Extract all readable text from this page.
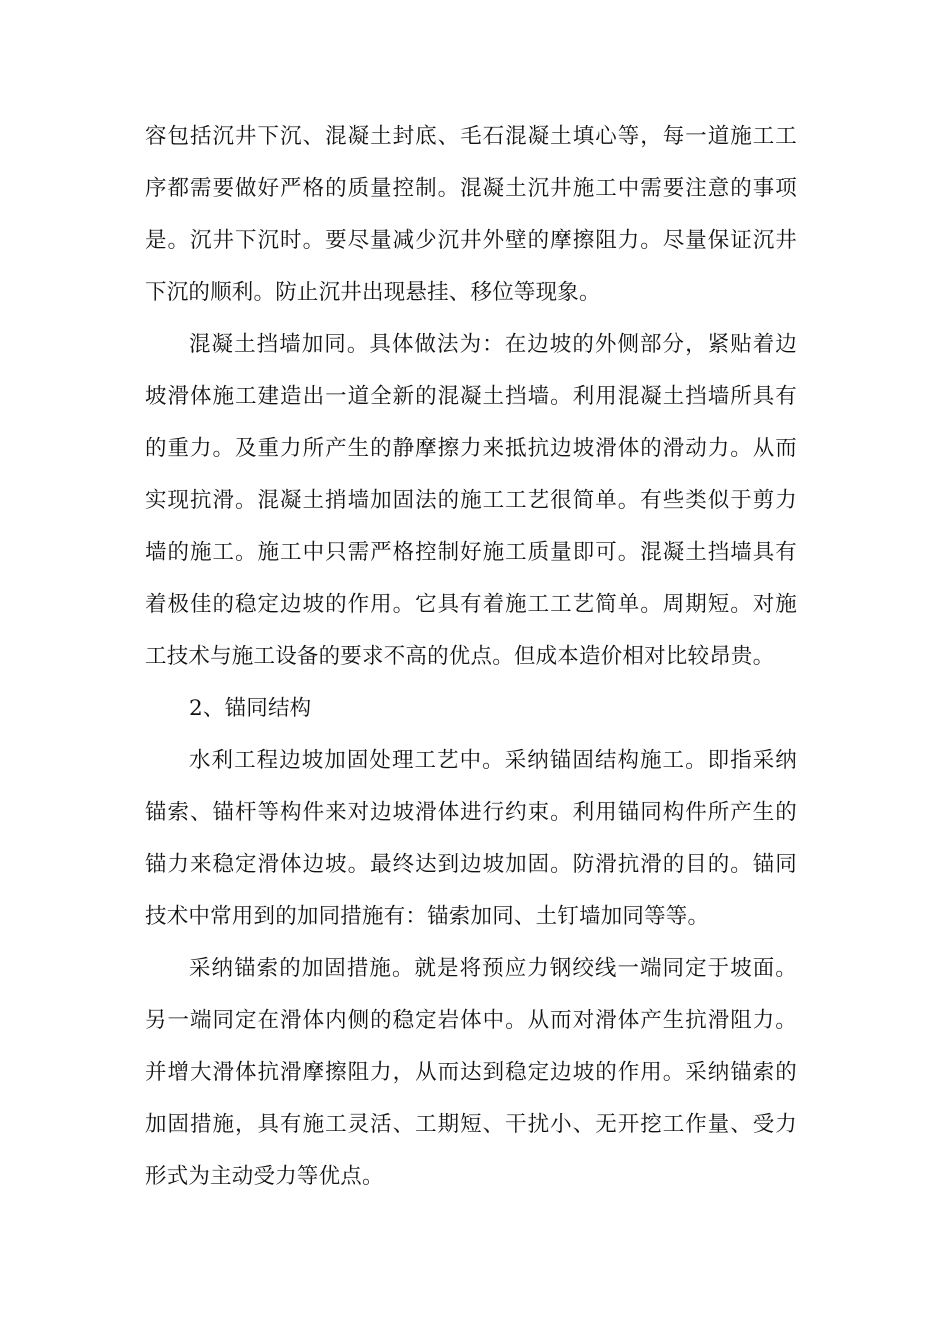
容包括沉井下沉、混凝土封底、毛石混凝土填心等，每一道施工工
序都需要做好严格的质量控制。混凝土沉井施工中需要注意的事项
是。沉井下沉时。要尽量减少沉井外壁的摩擦阻力。尽量保证沉井
下沉的顺利。防止沉井出现悬挂、移位等现象。
混凝土挡墙加同。具体做法为：在边坡的外侧部分，紧贴着边
坡滑体施工建造出一道全新的混凝土挡墙。利用混凝土挡墙所具有
的重力。及重力所产生的静摩擦力来抵抗边坡滑体的滑动力。从而
实现抗滑。混凝土捎墙加固法的施工工艺很简单。有些类似于剪力
墙的施工。施工中只需严格控制好施工质量即可。混凝土挡墙具有
着极佳的稳定边坡的作用。它具有着施工工艺简单。周期短。对施
工技术与施工设备的要求不高的优点。但成本造价相对比较昂贵。
2、锚同结构
水利工程边坡加固处理工艺中。采纳锚固结构施工。即指采纳
锚索、锚杆等构件来对边坡滑体进行约束。利用锚同构件所产生的
锚力来稳定滑体边坡。最终达到边坡加固。防滑抗滑的目的。锚同
技术中常用到的加同措施有：锚索加同、土钉墙加同等等。
采纳锚索的加固措施。就是将预应力钢绞线一端同定于坡面。
另一端同定在滑体内侧的稳定岩体中。从而对滑体产生抗滑阻力。
并增大滑体抗滑摩擦阻力，从而达到稳定边坡的作用。采纳锚索的
加固措施，具有施工灵活、工期短、干扰小、无开挖工作量、受力
形式为主动受力等优点。
